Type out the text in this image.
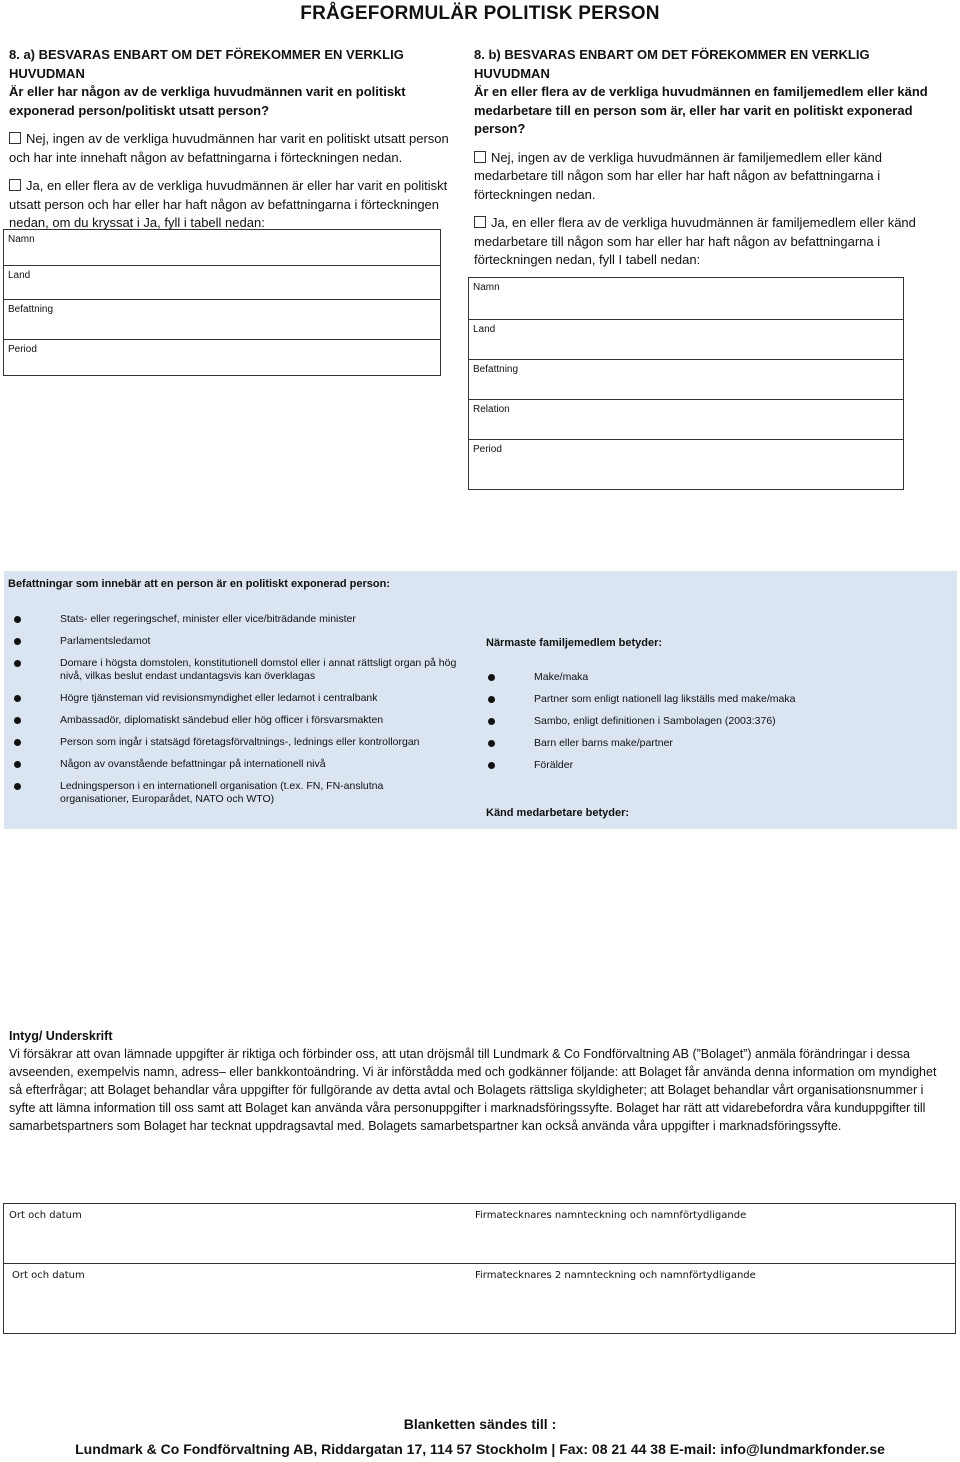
FRÅGEFORMULÄR POLITISK PERSON
8. a) BESVARAS ENBART OM DET FÖREKOMMER EN VERKLIG HUVUDMAN
Är eller har någon av de verkliga huvudmännen varit en politiskt exponerad person/politiskt utsatt person?
Nej, ingen av de verkliga huvudmännen har varit en politiskt utsatt person och har inte innehaft någon av befattningarna i förteckningen nedan.
Ja, en eller flera av de verkliga huvudmännen är eller har varit en politiskt utsatt person och har eller har haft någon av befattningarna i förteckningen nedan, om du kryssat i Ja, fyll i tabell nedan:
Namn
Land
Befattning
Period
8. b) BESVARAS ENBART OM DET FÖREKOMMER EN VERKLIG HUVUDMAN
Är en eller flera av de verkliga huvudmännen en familjemedlem eller känd medarbetare till en person som är, eller har varit en politiskt exponerad person?
Nej, ingen av de verkliga huvudmännen är familjemedlem eller känd medarbetare till någon som har eller har haft någon av befattningarna i förteckningen nedan.
Ja, en eller flera av de verkliga huvudmännen är familjemedlem eller känd medarbetare till någon som har eller har haft någon av befattningarna i förteckningen nedan, fyll I tabell nedan:
Namn
Land
Befattning
Relation
Period
Befattningar som innebär att en person är en politiskt exponerad person:
Stats- eller regeringschef, minister eller vice/biträdande minister
Parlamentsledamot
Domare i högsta domstolen, konstitutionell domstol eller i annat rättsligt organ på hög nivå, vilkas beslut endast undantagsvis kan överklagas
Högre tjänsteman vid revisionsmyndighet eller ledamot i centralbank
Ambassadör, diplomatiskt sändebud eller hög officer i försvarsmakten
Person som ingår i statsägd företagsförvaltnings-, lednings eller kontrollorgan
Någon av ovanstående befattningar på internationell nivå
Ledningsperson i en internationell organisation (t.ex. FN, FN-anslutna organisationer, Europarådet, NATO och WTO)
Närmaste familjemedlem betyder:
Make/maka
Partner som enligt nationell lag likställs med make/maka
Sambo, enligt definitionen i Sambolagen (2003:376)
Barn eller barns make/partner
Förälder
Känd medarbetare betyder:
Intyg/ Underskrift
Vi försäkrar att ovan lämnade uppgifter är riktiga och förbinder oss, att utan dröjsmål till Lundmark & Co Fondförvaltning AB (”Bolaget”) anmäla förändringar i dessa avseenden, exempelvis namn, adress– eller bankkontoändring. Vi är införstådda med och godkänner följande: att Bolaget får använda denna information om myndighet så efterfrågar; att Bolaget behandlar våra uppgifter för fullgörande av detta avtal och Bolagets rättsliga skyldigheter; att Bolaget behandlar vårt organisationsnummer i syfte att lämna information till oss samt att Bolaget kan använda våra personuppgifter i marknadsföringssyfte. Bolaget har rätt att vidarebefordra våra kunduppgifter till samarbetspartners som Bolaget har tecknat uppdragsavtal med. Bolagets samarbetspartner kan också använda våra uppgifter i marknadsföringssyfte.
Ort och datum	Firmatecknares namnteckning och namnförtydligande
Ort och datum	Firmatecknares 2 namnteckning och namnförtydligande
Blanketten sändes till :
Lundmark & Co Fondförvaltning AB, Riddargatan 17, 114 57 Stockholm | Fax: 08 21 44 38 E-mail: info@lundmarkfonder.se
